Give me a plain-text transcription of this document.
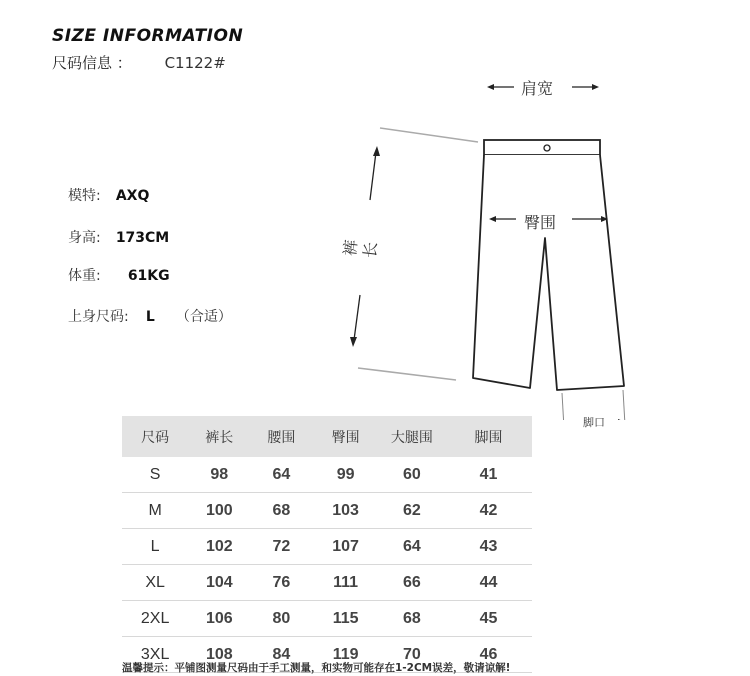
SIZE INFORMATION
尺码信息 ： C1122#
模特: AXQ
身高: 173CM
体重: 61KG
上身尺码: L （合适）
肩宽
臀围
裤长
脚口
尺码	裤长	腰围	臀围	大腿围	脚围
S	98	64	99	60	41
M	100	68	103	62	42
L	102	72	107	64	43
XL	104	76	111	66	44
2XL	106	80	115	68	45
3XL	108	84	119	70	46
温馨提示：平铺图测量尺码由于手工测量，和实物可能存在1-2CM误差，敬请谅解!
